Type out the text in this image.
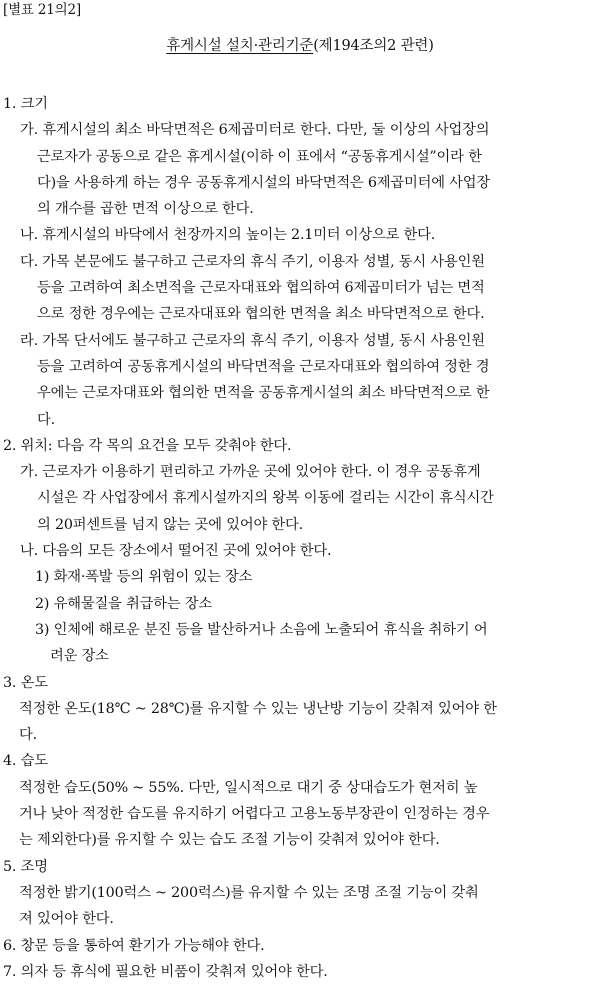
[별표 21의2]
휴게시설 설치·관리기준(제194조의2 관련)
1. 크기
가. 휴게시설의 최소 바닥면적은 6제곱미터로 한다. 다만, 둘 이상의 사업장의
근로자가 공동으로 같은 휴게시설(이하 이 표에서 “공동휴게시설”이라 한
다)을 사용하게 하는 경우 공동휴게시설의 바닥면적은 6제곱미터에 사업장
의 개수를 곱한 면적 이상으로 한다.
나. 휴게시설의 바닥에서 천장까지의 높이는 2.1미터 이상으로 한다.
다. 가목 본문에도 불구하고 근로자의 휴식 주기, 이용자 성별, 동시 사용인원
등을 고려하여 최소면적을 근로자대표와 협의하여 6제곱미터가 넘는 면적
으로 정한 경우에는 근로자대표와 협의한 면적을 최소 바닥면적으로 한다.
라. 가목 단서에도 불구하고 근로자의 휴식 주기, 이용자 성별, 동시 사용인원
등을 고려하여 공동휴게시설의 바닥면적을 근로자대표와 협의하여 정한 경
우에는 근로자대표와 협의한 면적을 공동휴게시설의 최소 바닥면적으로 한
다.
2. 위치: 다음 각 목의 요건을 모두 갖춰야 한다.
가. 근로자가 이용하기 편리하고 가까운 곳에 있어야 한다. 이 경우 공동휴게
시설은 각 사업장에서 휴게시설까지의 왕복 이동에 걸리는 시간이 휴식시간
의 20퍼센트를 넘지 않는 곳에 있어야 한다.
나. 다음의 모든 장소에서 떨어진 곳에 있어야 한다.
1) 화재·폭발 등의 위험이 있는 장소
2) 유해물질을 취급하는 장소
3) 인체에 해로운 분진 등을 발산하거나 소음에 노출되어 휴식을 취하기 어
려운 장소
3. 온도
적정한 온도(18℃ ~ 28℃)를 유지할 수 있는 냉난방 기능이 갖춰져 있어야 한
다.
4. 습도
적정한 습도(50% ~ 55%. 다만, 일시적으로 대기 중 상대습도가 현저히 높
거나 낮아 적정한 습도를 유지하기 어렵다고 고용노동부장관이 인정하는 경우
는 제외한다)를 유지할 수 있는 습도 조절 기능이 갖춰져 있어야 한다.
5. 조명
적정한 밝기(100럭스 ~ 200럭스)를 유지할 수 있는 조명 조절 기능이 갖춰
져 있어야 한다.
6. 창문 등을 통하여 환기가 가능해야 한다.
7. 의자 등 휴식에 필요한 비품이 갖춰져 있어야 한다.
